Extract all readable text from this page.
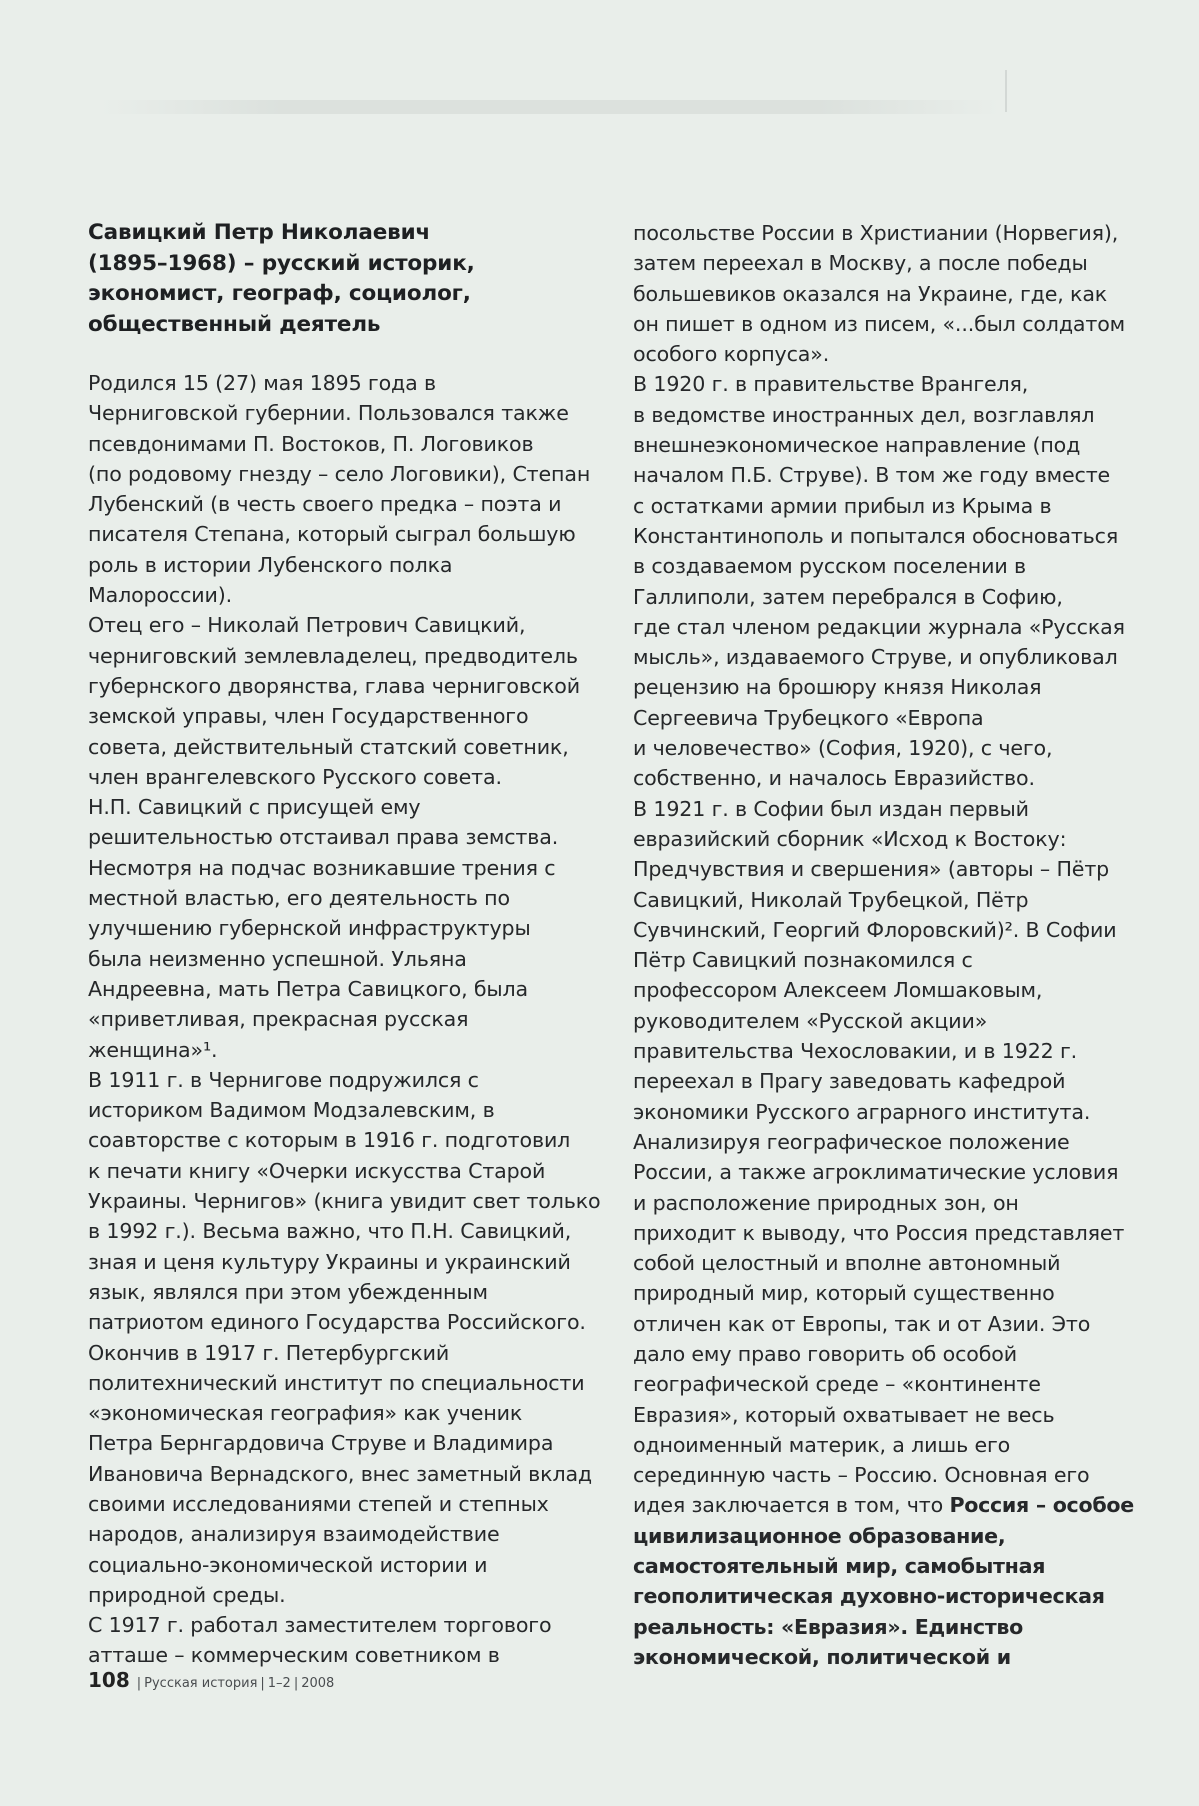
Савицкий Петр Николаевич
(1895–1968) – русский историк,
экономист, географ, социолог,
общественный деятель

Родился 15 (27) мая 1895 года в
Черниговской губернии. Пользовался также
псевдонимами П. Востоков, П. Логовиков
(по родовому гнезду – село Логовики), Степан
Лубенский (в честь своего предка – поэта и
писателя Степана, который сыграл большую
роль в истории Лубенского полка
Малороссии).

Отец его – Николай Петрович Савицкий,
черниговский землевладелец, предводитель
губернского дворянства, глава черниговской
земской управы, член Государственного
совета, действительный статский советник,
член врангелевского Русского совета.
Н.П. Савицкий с присущей ему
решительностью отстаивал права земства.
Несмотря на подчас возникавшие трения с
местной властью, его деятельность по
улучшению губернской инфраструктуры
была неизменно успешной. Ульяна
Андреевна, мать Петра Савицкого, была
«приветливая, прекрасная русская
женщина»¹.

В 1911 г. в Чернигове подружился с
историком Вадимом Модзалевским, в
соавторстве с которым в 1916 г. подготовил
к печати книгу «Очерки искусства Старой
Украины. Чернигов» (книга увидит свет только
в 1992 г.). Весьма важно, что П.Н. Савицкий,
зная и ценя культуру Украины и украинский
язык, являлся при этом убежденным
патриотом единого Государства Российского.
Окончив в 1917 г. Петербургский
политехнический институт по специальности
«экономическая география» как ученик
Петра Бернгардовича Струве и Владимира
Ивановича Вернадского, внес заметный вклад
своими исследованиями степей и степных
народов, анализируя взаимодействие
социально-экономической истории и
природной среды.

С 1917 г. работал заместителем торгового
атташе – коммерческим советником в

посольстве России в Христиании (Норвегия),
затем переехал в Москву, а после победы
большевиков оказался на Украине, где, как
он пишет в одном из писем, «...был солдатом
особого корпуса».

В 1920 г. в правительстве Врангеля,
в ведомстве иностранных дел, возглавлял
внешнеэкономическое направление (под
началом П.Б. Струве). В том же году вместе
с остатками армии прибыл из Крыма в
Константинополь и попытался обосноваться
в создаваемом русском поселении в
Галлиполи, затем перебрался в Софию,
где стал членом редакции журнала «Русская
мысль», издаваемого Струве, и опубликовал
рецензию на брошюру князя Николая
Сергеевича Трубецкого «Европа
и человечество» (София, 1920), с чего,
собственно, и началось Евразийство.

В 1921 г. в Софии был издан первый
евразийский сборник «Исход к Востоку:
Предчувствия и свершения» (авторы – Пётр
Савицкий, Николай Трубецкой, Пётр
Сувчинский, Георгий Флоровский)². В Софии
Пётр Савицкий познакомился с
профессором Алексеем Ломшаковым,
руководителем «Русской акции»
правительства Чехословакии, и в 1922 г.
переехал в Прагу заведовать кафедрой
экономики Русского аграрного института.
Анализируя географическое положение
России, а также агроклиматические условия
и расположение природных зон, он
приходит к выводу, что Россия представляет
собой целостный и вполне автономный
природный мир, который существенно
отличен как от Европы, так и от Азии. Это
дало ему право говорить об особой
географической среде – «континенте
Евразия», который охватывает не весь
одноименный материк, а лишь его
серединную часть – Россию. Основная его
идея заключается в том, что Россия – особое
цивилизационное образование,
самостоятельный мир, самобытная
геополитическая духовно-историческая
реальность: «Евразия». Единство
экономической, политической и

108 | Русская история | 1–2 | 2008
